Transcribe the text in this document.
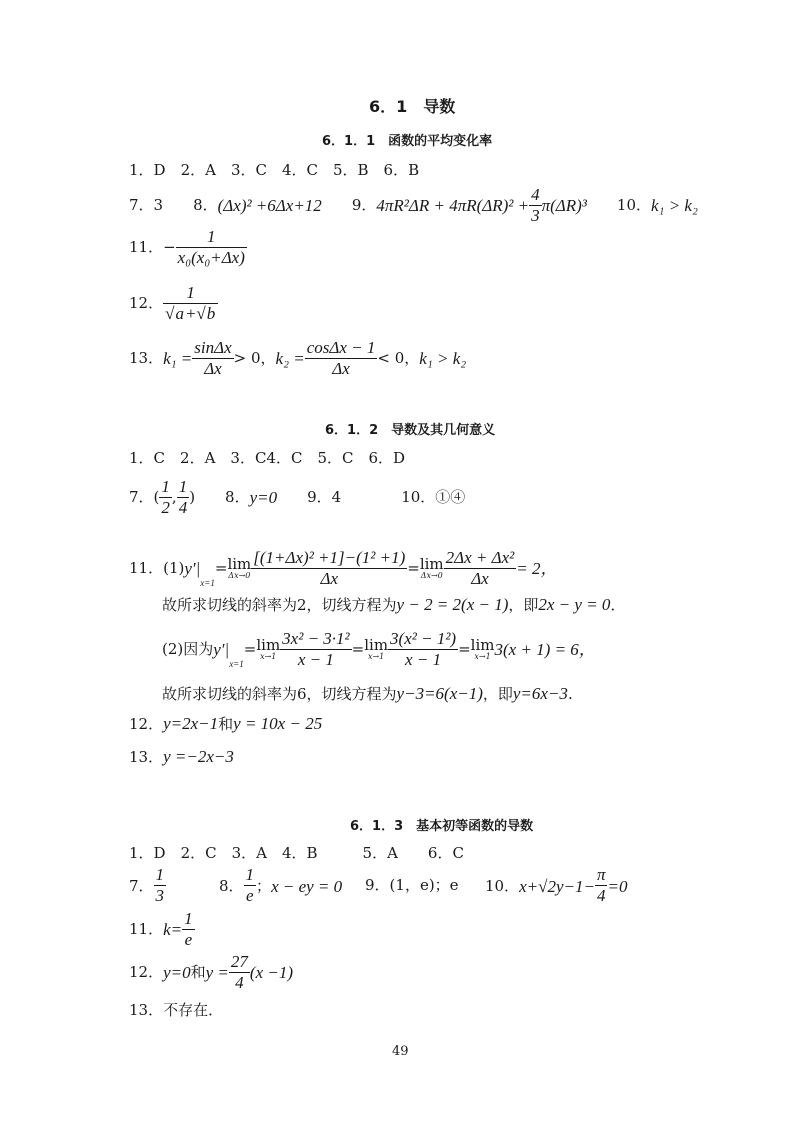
6．1　导数
6．1．1　函数的平均变化率
1．D　2．A　3．C　4．C　5．B　6．B
7．3　　8． (Δx)² +6Δx+12 　　9． $4\pi R^2\Delta R + 4\pi R(\Delta R)^2 + \frac{4}{3} \pi(\Delta R)^3$ 　　10． k₁ > k₂
11．− $\frac{1}{\text{x₀(x₀+Δx)}}$
12． $\frac{1}{√a+√b}$
13． $k_1 = \frac{\sin\Delta x}{\Delta x} > 0$， $k_2 = \frac{\cos\Delta x - 1}{\Delta x} < 0$， k₁ > k₂
6．1．2　导数及其几何意义
1．C　2．A　3．C4．C　5．C　6．D
7．( $\frac{1}{2}$ , $\frac{1}{4}$ ) 　　8． y=0 　　9．4　　　　10．①④
11．(1) y′|
x=1
= lim
$\Delta x\to 0 \frac{\text{[(1+Δx)² +1]−(1² +1)}}{\Delta x} = \lim$
$\Delta x\to 0 \frac{\text{2Δx + Δx²}}{\Delta x} = 2$，
故所求切线的斜率为2，切线方程为y − 2 = 2(x − 1)，即2x − y = 0．
(2)因为 y′|
x=1
= lim
$x\to 1 \frac{\text{3x² − 3·1²}}{x - 1} = \lim$
$x\to 1 \frac{\text{3(x² − 1²)}}{x - 1} = \lim$
x→1 3(x + 1) = 6，
故所求切线的斜率为6，切线方程为y−3=6(x−1)，即y=6x−3.
12．y=2x−1和y = 10x − 25
13．y =−2x−3
6．1．3　基本初等函数的导数
1．D　2．C　3．A　4．B　　　5．A　　6．C
7． $\frac{1}{3}$	8． $\frac{1}{e}$ ； x − ey = 0 9．(1，e)；e 10． $x+√2y-1- \frac{\pi}{4} =0$
11． $k= \frac{1}{e}$
12． y=0 和 $y = \frac{27}{4} (x -1)$
13．不存在．
49
